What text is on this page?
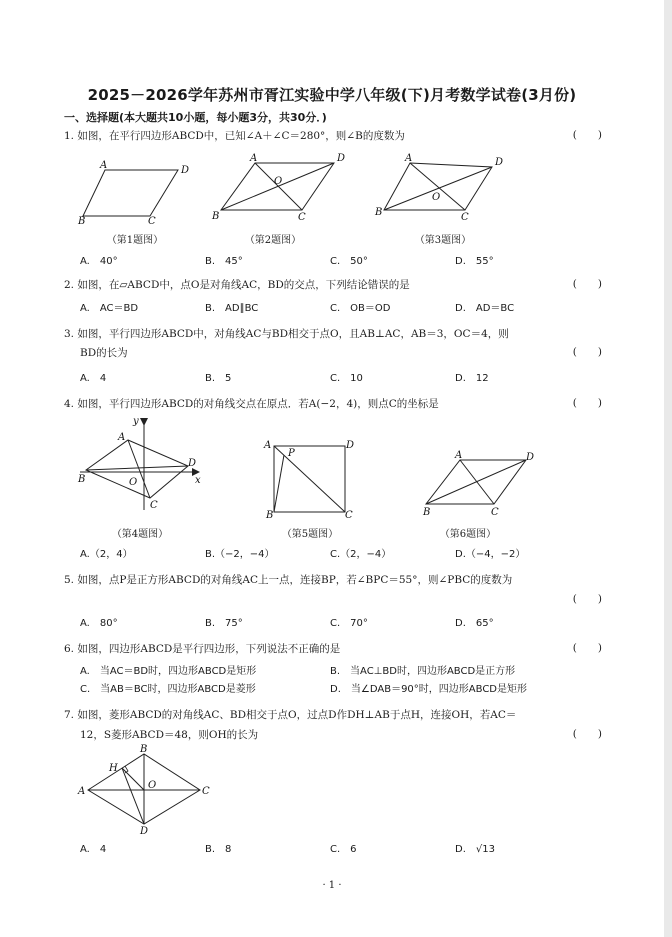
2025－2026学年苏州市胥江实验中学八年级(下)月考数学试卷(3月份)
一、选择题(本大题共10小题，每小题3分，共30分．)
1. 如图，在平行四边形ABCD中，已知∠A＋∠C＝280°，则∠B的度数为	(　　)
A	D
B	C
A	D
B	C
O
A	D
B	C
O
（第1题图）	（第2题图）	（第3题图）
A.　40°	B.　45°	C.　50°	D.　55°
2. 如图，在▱ABCD中，点O是对角线AC，BD的交点，下列结论错误的是	(　　)
A.　AC＝BD	B.　AD∥BC	C.　OB＝OD	D.　AD＝BC
3. 如图，平行四边形ABCD中，对角线AC与BD相交于点O，且AB⊥AC，AB＝3，OC＝4，则
BD的长为	(　　)
A.　4	B.　5	C.　10	D.　12
4. 如图，平行四边形ABCD的对角线交点在原点．若A(−2，4)，则点C的坐标是	(　　)
y
x
A
D
B
C
O
A	D
B	C
P	A	D
B	C
（第4题图）	（第5题图）	（第6题图）
A.（2，4）	B.（−2，−4）	C.（2，−4）	D.（−4，−2）
5. 如图，点P是正方形ABCD的对角线AC上一点，连接BP，若∠BPC＝55°，则∠PBC的度数为
(　　)
A.　80°	B.　75°	C.　70°	D.　65°
6. 如图，四边形ABCD是平行四边形，下列说法不正确的是	(　　)
A.　当AC＝BD时，四边形ABCD是矩形	B.　当AC⊥BD时，四边形ABCD是正方形
C.　当AB＝BC时，四边形ABCD是菱形	D.　当∠DAB＝90°时，四边形ABCD是矩形
7. 如图，菱形ABCD的对角线AC、BD相交于点O，过点D作DH⊥AB于点H，连接OH，若AC＝
12，S菱形ABCD＝48，则OH的长为	(　　)
A
B
C
D
O
H
A.　4	B.　8	C.　6	D.　√13
· 1 ·
